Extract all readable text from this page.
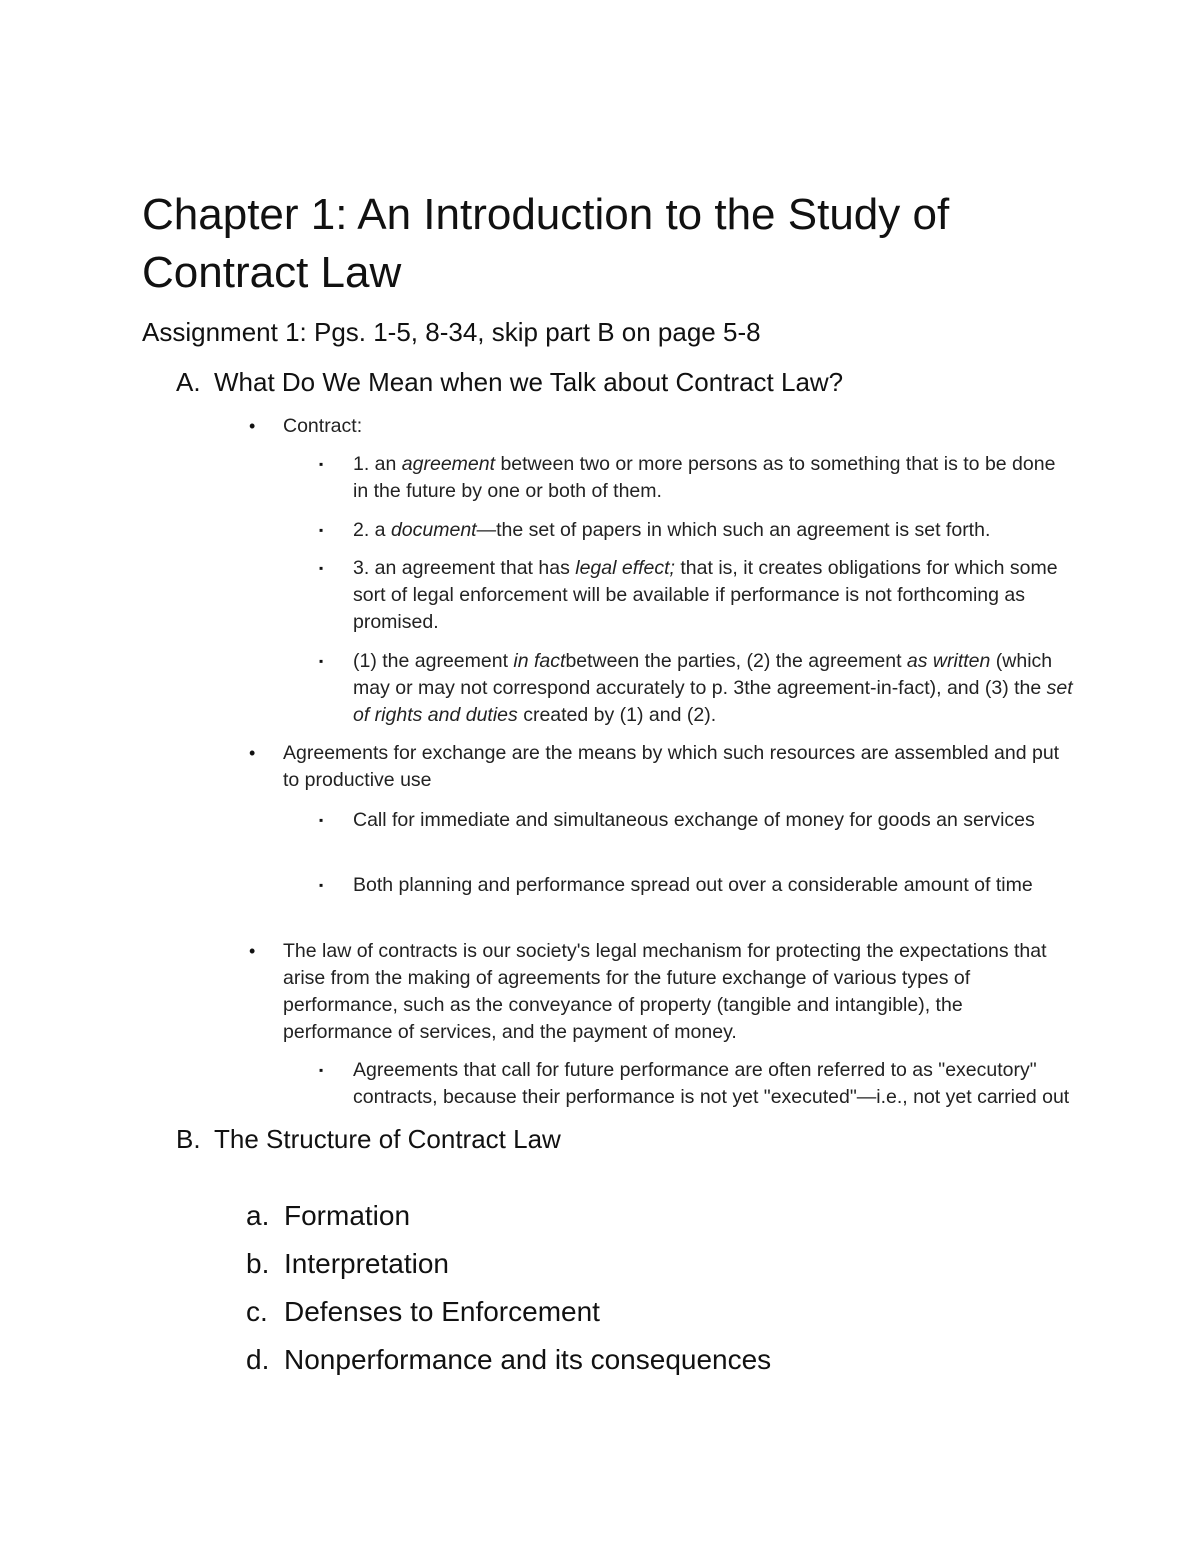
Chapter 1: An Introduction to the Study of Contract Law
Assignment 1: Pgs. 1-5, 8-34, skip part B on page 5-8
A. What Do We Mean when we Talk about Contract Law?
•	Contract:
▪	1. an agreement between two or more persons as to something that is to be done in the future by one or both of them.
▪	2. a document—the set of papers in which such an agreement is set forth.
▪	3. an agreement that has legal effect; that is, it creates obligations for which some sort of legal enforcement will be available if performance is not forthcoming as promised.
▪	(1) the agreement in factbetween the parties, (2) the agreement as written (which may or may not correspond accurately to p. 3the agreement-in-fact), and (3) the set of rights and duties created by (1) and (2).
•	Agreements for exchange are the means by which such resources are assembled and put to productive use
▪	Call for immediate and simultaneous exchange of money for goods an services
▪	Both planning and performance spread out over a considerable amount of time
•	The law of contracts is our society's legal mechanism for protecting the expectations that arise from the making of agreements for the future exchange of various types of performance, such as the conveyance of property (tangible and intangible), the performance of services, and the payment of money.
▪	Agreements that call for future performance are often referred to as "executory" contracts, because their performance is not yet "executed"—i.e., not yet carried out
B. The Structure of Contract Law
a. Formation
b. Interpretation
c. Defenses to Enforcement
d. Nonperformance and its consequences
